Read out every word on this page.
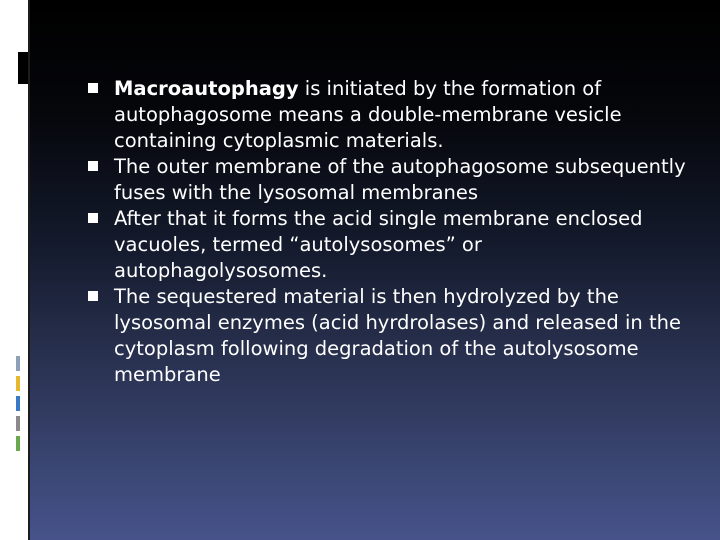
Macroautophagy is initiated by the formation of autophagosome means a double-membrane vesicle containing cytoplasmic materials.
The outer membrane of the autophagosome subsequently fuses with the lysosomal membranes
After that it forms the acid single membrane enclosed vacuoles, termed “autolysosomes” or autophagolysosomes.
The sequestered material is then hydrolyzed by the lysosomal enzymes (acid hyrdrolases) and released in the cytoplasm following degradation of the autolysosome membrane
